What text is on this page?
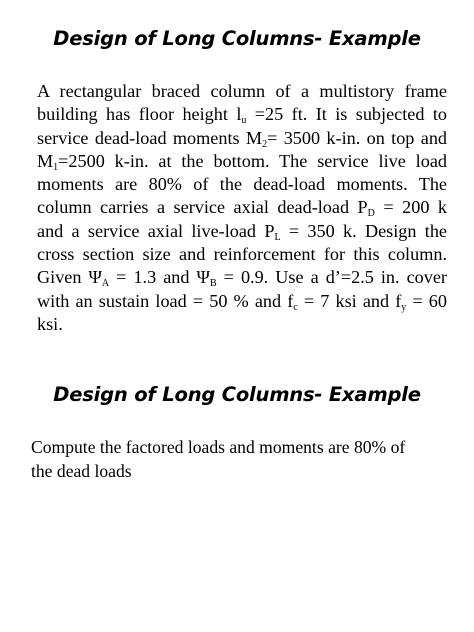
Design of Long Columns- Example
A rectangular braced column of a multistory frame
building has floor height $l_u =25$ ft. It is subjected to
service dead-load moments $M_2= 3500$ k-in. on top and
$M_1=2500$ k-in. at the bottom. The service live load
moments are 80% of the dead-load moments. The
column carries a service axial dead-load $P_D = 200$ k
and a service axial live-load $P_L = 350$ k. Design the
cross section size and reinforcement for this column.
Given $\Psi_A = 1.3$ and $\Psi_B = 0.9$. Use a d’=2.5 in. cover
with an sustain load = 50 % and $f_c = 7$ ksi and $f_y = 60$
ksi.
Design of Long Columns- Example
Compute the factored loads and moments are 80% of
the dead loads
